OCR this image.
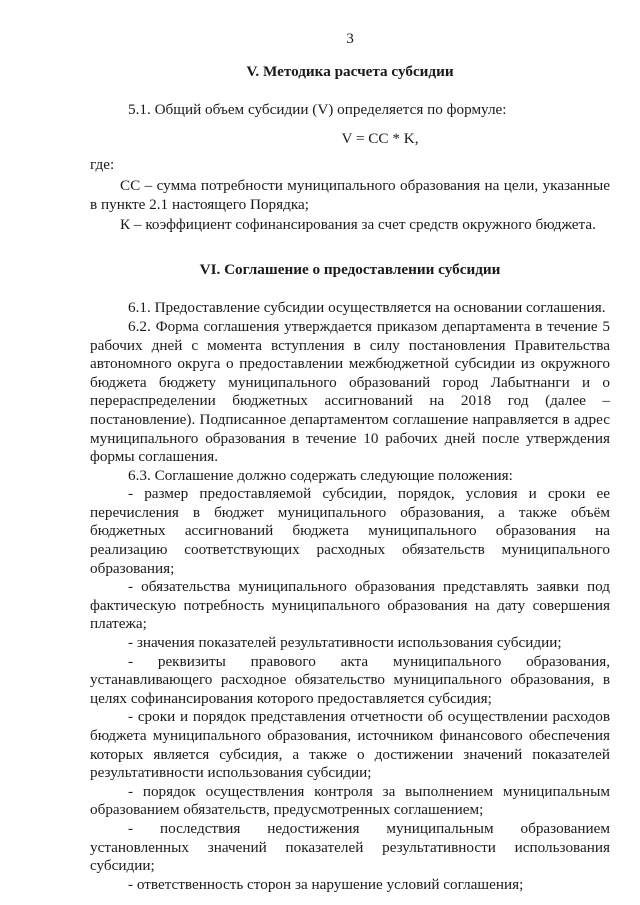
3

V. Методика расчета субсидии

5.1. Общий объем субсидии (V) определяется по формуле:

V = CC * K,

где:

CC – сумма потребности муниципального образования на цели, указанные в пункте 2.1 настоящего Порядка;

К – коэффициент софинансирования за счет средств окружного бюджета.

VI. Соглашение о предоставлении субсидии

6.1. Предоставление субсидии осуществляется на основании соглашения.

6.2. Форма соглашения утверждается приказом департамента в течение 5 рабочих дней с момента вступления в силу постановления Правительства автономного округа о предоставлении межбюджетной субсидии из окружного бюджета бюджету муниципального образований город Лабытнанги и о перераспределении бюджетных ассигнований на 2018 год (далее – постановление). Подписанное департаментом соглашение направляется в адрес муниципального образования в течение 10 рабочих дней после утверждения формы соглашения.

6.3. Соглашение должно содержать следующие положения:

- размер предоставляемой субсидии, порядок, условия и сроки ее перечисления в бюджет муниципального образования, а также объём бюджетных ассигнований бюджета муниципального образования на реализацию соответствующих расходных обязательств муниципального образования;

- обязательства муниципального образования представлять заявки под фактическую потребность муниципального образования на дату совершения платежа;

- значения показателей результативности использования субсидии;

- реквизиты правового акта муниципального образования, устанавливающего расходное обязательство муниципального образования, в целях софинансирования которого предоставляется субсидия;

- сроки и порядок представления отчетности об осуществлении расходов бюджета муниципального образования, источником финансового обеспечения которых является субсидия, а также о достижении значений показателей результативности использования субсидии;

- порядок осуществления контроля за выполнением муниципальным образованием обязательств, предусмотренных соглашением;

- последствия недостижения муниципальным образованием установленных значений показателей результативности использования субсидии;

- ответственность сторон за нарушение условий соглашения;
